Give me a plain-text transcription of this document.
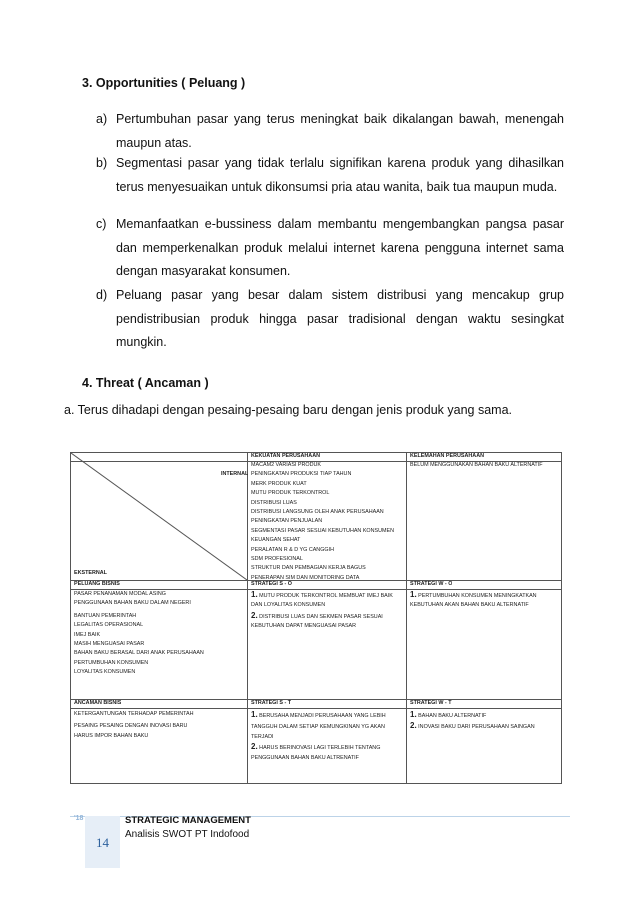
3. Opportunities ( Peluang )
a) Pertumbuhan pasar yang terus meningkat baik dikalangan bawah, menengah maupun atas.
b) Segmentasi pasar yang tidak terlalu signifikan karena produk yang dihasilkan terus menyesuaikan untuk dikonsumsi pria atau wanita, baik tua maupun muda.
c) Memanfaatkan e-bussiness dalam membantu mengembangkan pangsa pasar dan memperkenalkan produk melalui internet karena pengguna internet sama dengan masyarakat konsumen.
d) Peluang pasar yang besar dalam sistem distribusi yang mencakup grup pendistribusian produk hingga pasar tradisional dengan waktu sesingkat mungkin.
4. Threat ( Ancaman )
a. Terus dihadapi dengan pesaing-pesaing baru dengan jenis produk yang sama.
INTERNAL
EKSTERNAL
KEKUATAN PERUSAHAAN
MACAM2 VARIASI PRODUK
PENINGKATAN PRODUKSI TIAP TAHUN
MERK PRODUK KUAT
MUTU PRODUK TERKONTROL
DISTRIBUSI LUAS
DISTRIBUSI LANGSUNG OLEH ANAK PERUSAHAAN
PENINGKATAN PENJUALAN
SEGMENTASI PASAR SESUAI KEBUTUHAN KONSUMEN
KEUANGAN SEHAT
PERALATAN R & D YG CANGGIH
SDM PROFESIONAL
STRUKTUR DAN PEMBAGIAN KERJA BAGUS
PENERAPAN SIM DAN MONITORING DATA
KELEMAHAN PERUSAHAAN
BELUM MENGGUNAKAN BAHAN BAKU ALTERNATIF
PELUANG BISNIS
PASAR PENANAMAN MODAL ASING
PENGGUNAAN BAHAN BAKU DALAM NEGERI
BANTUAN PEMERINTAH
LEGALITAS OPERASIONAL
IMEJ BAIK
MASIH MENGUASAI PASAR
BAHAN BAKU BERASAL DARI ANAK PERUSAHAAN
PERTUMBUHAN KONSUMEN
LOYALITAS KONSUMEN
STRATEGI S - O
1. MUTU PRODUK TERKONTROL MEMBUAT IMEJ BAIK
DAN LOYALITAS KONSUMEN
2. DISTRIBUSI LUAS DAN SEKMEN PASAR SESUAI
KEBUTUHAN DAPAT MENGUASAI PASAR
STRATEGI W - O
1. PERTUMBUHAN KONSUMEN MENINGKATKAN
KEBUTUHAN AKAN BAHAN BAKU ALTERNATIF
ANCAMAN BISNIS
KETERGANTUNGAN TERHADAP PEMERINTAH
PESAING PESAING DENGAN INOVASI BARU
HARUS IMPOR BAHAN BAKU
STRATEGI S - T
1. BERUSAHA MENJADI PERUSAHAAN YANG LEBIH
TANGGUH DALAM SETIAP KEMUNGKINAN YG AKAN
TERJADI
2. HARUS BERINOVASI LAGI TERLEBIH TENTANG
PENGGUNAAN BAHAN BAKU ALTRENATIF
STRATEGI W - T
1. BAHAN BAKU ALTERNATIF
2. INOVASI BAKU DARI PERUSAHAAN SAINGAN
'18
14
STRATEGIC MANAGEMENT
Analisis SWOT PT Indofood
